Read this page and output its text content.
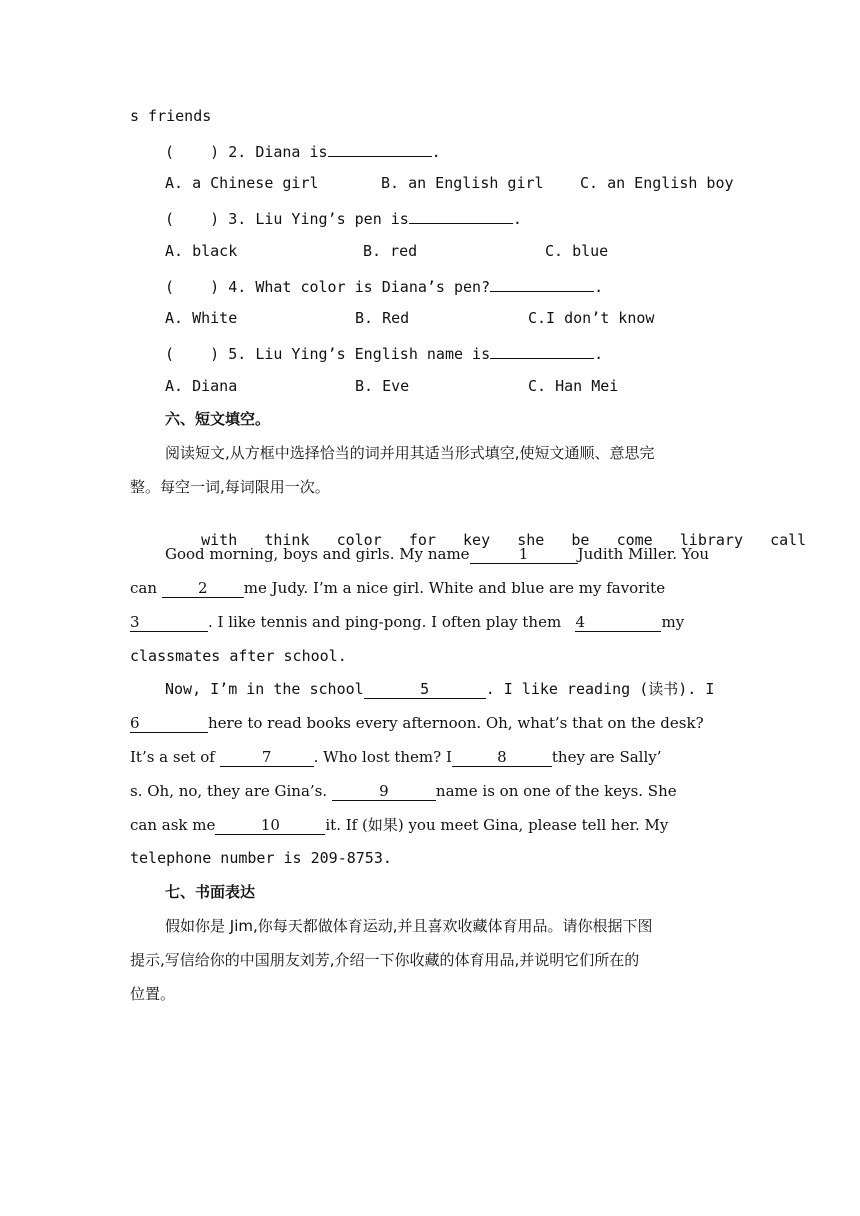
s friends
(    ) 2. Diana is	.
A. a Chinese girl	B. an English girl C. an English boy
(    ) 3. Liu Ying’s pen is	.
A. black	B. red	C. blue
(    ) 4. What color is Diana’s pen?	.
A. White	B. Red	C.I don’t know
(    ) 5. Liu Ying’s English name is	.
A. Diana	B. Eve	C. Han Mei
六、短文填空。
阅读短文,从方框中选择恰当的词并用其适当形式填空,使短文通顺、意思完
整。每空一词,每词限用一次。

with think color for key she be come library call

Good morning, boys and girls. My name	1	Judith Miller. You
can 2 me Judy. I’m a nice girl. White and blue are my favorite
3	. I like tennis and ping-pong. I often play them 4	my
classmates after school.
Now, I’m in the school	5	. I like reading (读书). I
6	here to read books every afternoon. Oh, what’s that on the desk?
It’s a set of	7	. Who lost them? I	8	they are Sally’
s. Oh, no, they are Gina’s.	9	name is on one of the keys. She
can ask me	10	it. If (如果) you meet Gina, please tell her. My
telephone number is 209-8753.
七、书面表达
假如你是 Jim,你每天都做体育运动,并且喜欢收藏体育用品。请你根据下图
提示,写信给你的中国朋友刘芳,介绍一下你收藏的体育用品,并说明它们所在的
位置。
